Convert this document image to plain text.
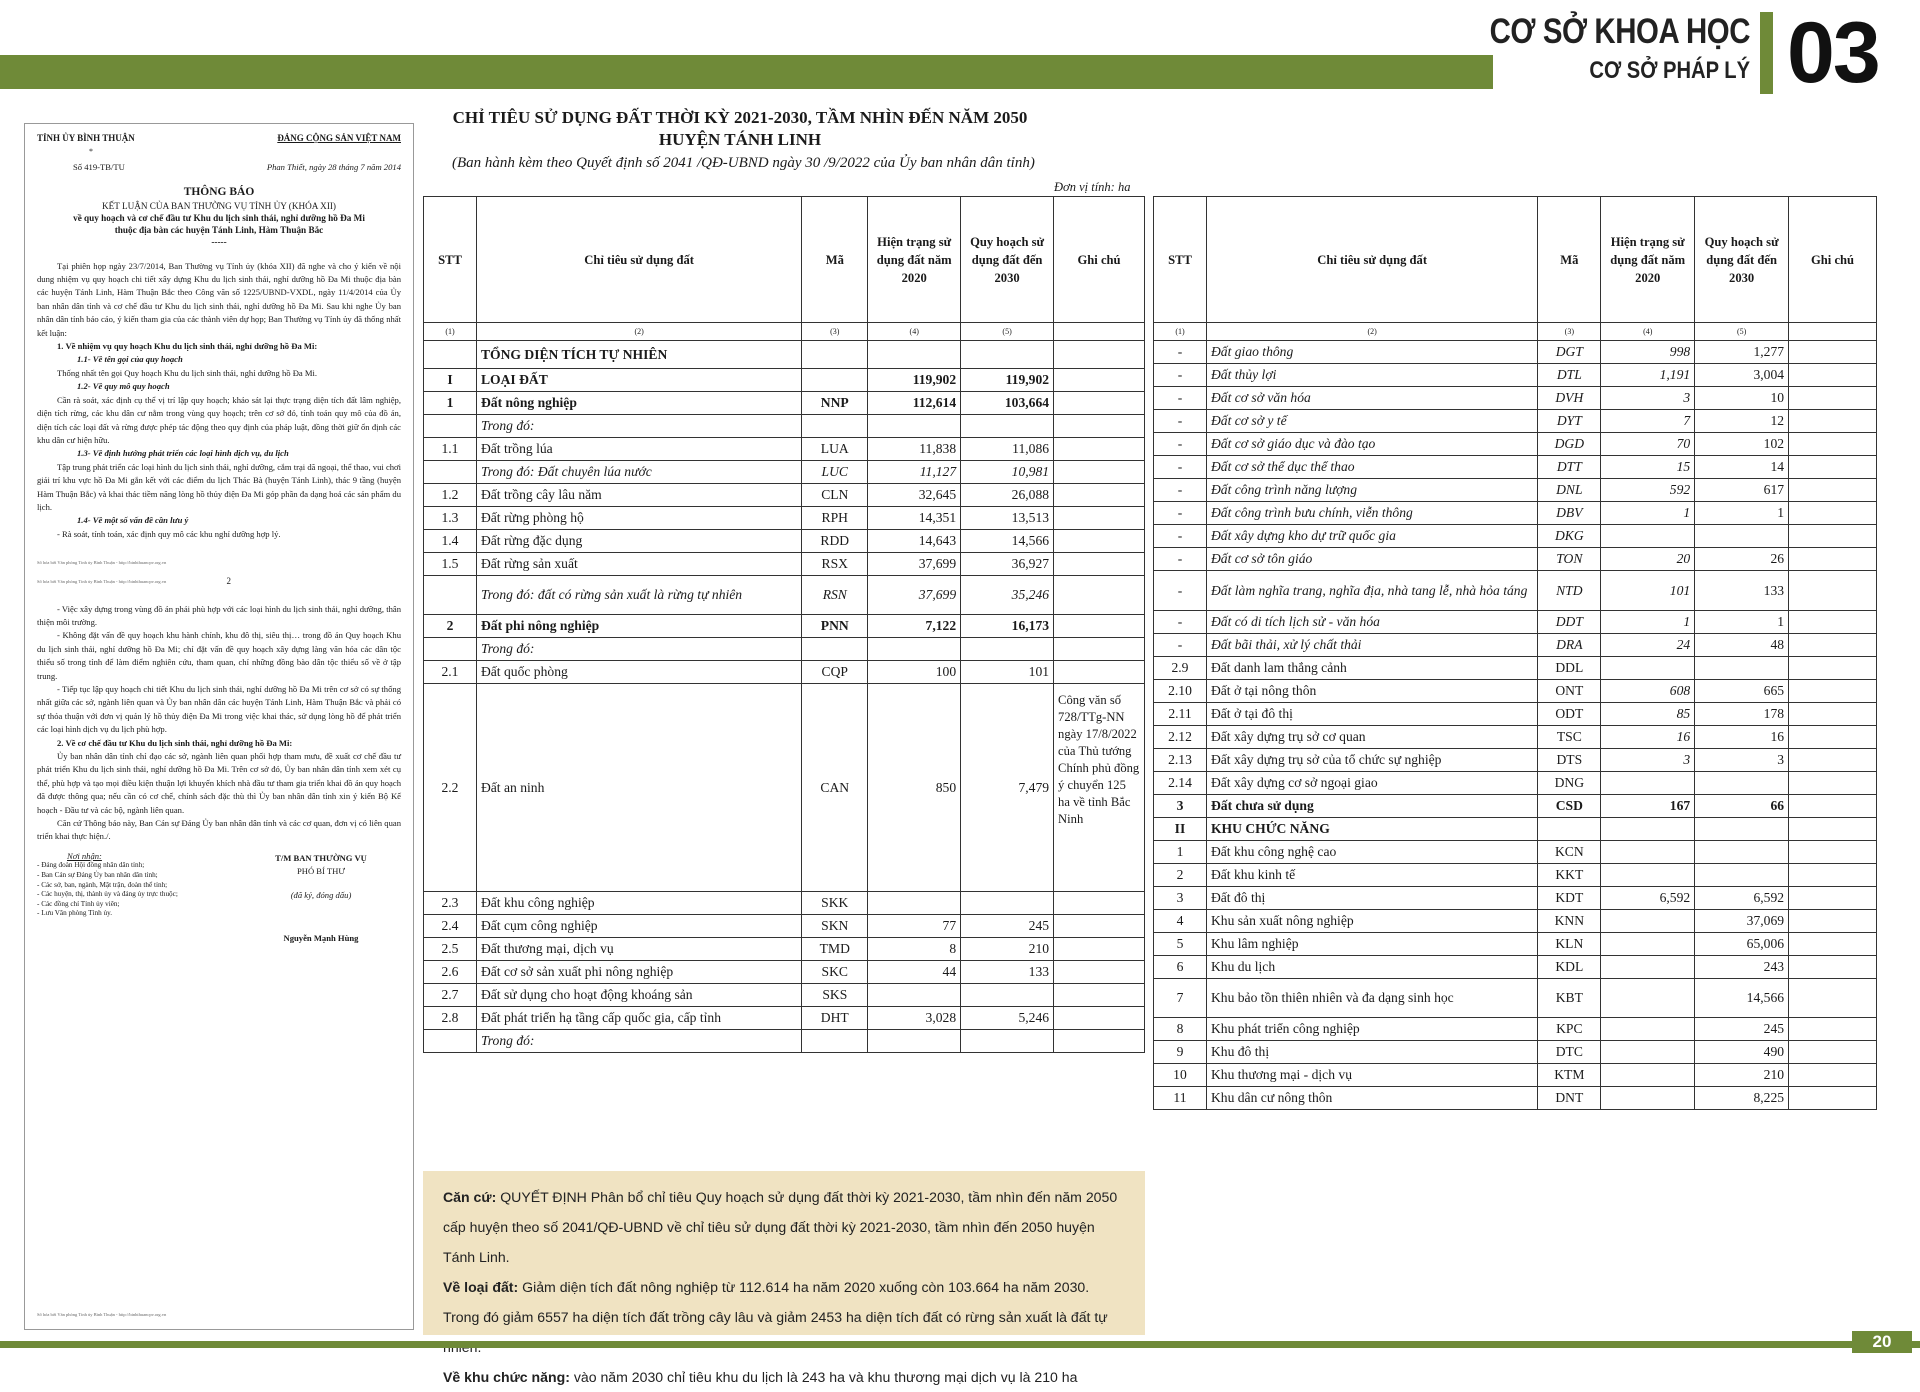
CƠ SỞ KHOA HỌC
CƠ SỞ PHÁP LÝ 03
TỈNH ỦY BÌNH THUẬN	ĐẢNG CỘNG SẢN VIỆT NAM
*
Số 419-TB/TU	Phan Thiết, ngày 28 tháng 7 năm 2014
THÔNG BÁO
KẾT LUẬN CỦA BAN THƯỜNG VỤ TỈNH ỦY (KHÓA XII)
về quy hoạch và cơ chế đầu tư Khu du lịch sinh thái, nghỉ dưỡng hồ Đa Mi
thuộc địa bàn các huyện Tánh Linh, Hàm Thuận Bắc
-----

Tại phiên họp ngày 23/7/2014, Ban Thường vụ Tỉnh ủy (khóa XII) đã nghe và cho ý kiến về nội dung nhiệm vụ quy hoạch chi tiết xây dựng Khu du lịch sinh thái, nghỉ dưỡng hồ Đa Mi thuộc địa bàn các huyện Tánh Linh, Hàm Thuận Bắc theo Công văn số 1225/UBND-VXDL, ngày 11/4/2014 của Ủy ban nhân dân tỉnh và cơ chế đầu tư Khu du lịch sinh thái, nghỉ dưỡng hồ Đa Mi. Sau khi nghe Ủy ban nhân dân tỉnh báo cáo, ý kiến tham gia của các thành viên dự họp; Ban Thường vụ Tỉnh ủy đã thống nhất kết luận:

1. Về nhiệm vụ quy hoạch Khu du lịch sinh thái, nghỉ dưỡng hồ Đa Mi:

1.1- Về tên gọi của quy hoạch

Thống nhất tên gọi Quy hoạch Khu du lịch sinh thái, nghỉ dưỡng hồ Đa Mi.

1.2- Về quy mô quy hoạch

Cần rà soát, xác định cụ thể vị trí lập quy hoạch; khảo sát lại thực trạng diện tích đất lâm nghiệp, diện tích rừng, các khu dân cư nằm trong vùng quy hoạch; trên cơ sở đó, tính toán quy mô của đồ án, diện tích các loại đất và rừng được phép tác động theo quy định của pháp luật, đồng thời giữ ổn định các khu dân cư hiện hữu.

1.3- Về định hướng phát triển các loại hình dịch vụ, du lịch

Tập trung phát triển các loại hình du lịch sinh thái, nghỉ dưỡng, cắm trại dã ngoại, thể thao, vui chơi giải trí khu vực hồ Đa Mi gắn kết với các điểm du lịch Thác Bà (huyện Tánh Linh), thác 9 tầng (huyện Hàm Thuận Bắc) và khai thác tiềm năng lòng hồ thủy điện Đa Mi góp phần đa dạng hoá các sản phẩm du lịch.

1.4- Về một số vấn đề cần lưu ý

- Rà soát, tính toán, xác định quy mô các khu nghỉ dưỡng hợp lý.

Số hóa bởi Văn phòng Tỉnh ủy Bình Thuận - http://binhthuancpv.org.vn
Số hóa bởi Văn phòng Tỉnh ủy Bình Thuận - http://binhthuancpv.org.vn	2

- Việc xây dựng trong vùng đồ án phải phù hợp với các loại hình du lịch sinh thái, nghỉ dưỡng, thân thiện môi trường.

- Không đặt vấn đề quy hoạch khu hành chính, khu đô thị, siêu thị… trong đồ án Quy hoạch Khu du lịch sinh thái, nghỉ dưỡng hồ Đa Mi; chỉ đặt vấn đề quy hoạch xây dựng làng văn hóa các dân tộc thiểu số trong tỉnh để làm điểm nghiên cứu, tham quan, chỉ những đồng bào dân tộc thiểu số về ở tập trung.

- Tiếp tục lập quy hoạch chi tiết Khu du lịch sinh thái, nghỉ dưỡng hồ Đa Mi trên cơ sở có sự thống nhất giữa các sở, ngành liên quan và Ủy ban nhân dân các huyện Tánh Linh, Hàm Thuận Bắc và phải có sự thỏa thuận với đơn vị quản lý hồ thủy điện Đa Mi trong việc khai thác, sử dụng lòng hồ để phát triển các loại hình dịch vụ du lịch phù hợp.

2. Về cơ chế đầu tư Khu du lịch sinh thái, nghỉ dưỡng hồ Đa Mi:

Ủy ban nhân dân tỉnh chỉ đạo các sở, ngành liên quan phối hợp tham mưu, đề xuất cơ chế đầu tư phát triển Khu du lịch sinh thái, nghỉ dưỡng hồ Đa Mi. Trên cơ sở đó, Ủy ban nhân dân tỉnh xem xét cụ thể, phù hợp và tạo mọi điều kiện thuận lợi khuyến khích nhà đầu tư tham gia triển khai đồ án quy hoạch đã được thông qua; nếu cần có cơ chế, chính sách đặc thù thì Ủy ban nhân dân tỉnh xin ý kiến Bộ Kế hoạch - Đầu tư và các bộ, ngành liên quan.

Căn cứ Thông báo này, Ban Cán sự Đảng Ủy ban nhân dân tỉnh và các cơ quan, đơn vị có liên quan triển khai thực hiện./.

Nơi nhận:
- Đảng đoàn Hội đồng nhân dân tỉnh;
- Ban Cán sự Đảng Ủy ban nhân dân tỉnh;
- Các sở, ban, ngành, Mặt trận, đoàn thể tỉnh;
- Các huyện, thị, thành ủy và đảng ủy trực thuộc;
- Các đồng chí Tỉnh ủy viên;
- Lưu Văn phòng Tỉnh ủy.
T/M BAN THƯỜNG VỤ
PHÓ BÍ THƯ
(đã ký, đóng dấu)
Nguyễn Mạnh Hùng
Số hóa bởi Văn phòng Tỉnh ủy Bình Thuận - http://binhthuancpv.org.vn
CHỈ TIÊU SỬ DỤNG ĐẤT THỜI KỲ 2021-2030, TẦM NHÌN ĐẾN NĂM 2050
HUYỆN TÁNH LINH
(Ban hành kèm theo Quyết định số 2041 /QĐ-UBND ngày 30 /9/2022 của Ủy ban nhân dân tỉnh)
Đơn vị tính: ha
STT	Chỉ tiêu sử dụng đất	Mã	Hiện trạng sử dụng đất năm 2020	Quy hoạch sử dụng đất đến 2030	Ghi chú
(1)	(2)	(3)	(4)	(5)	
	TỔNG DIỆN TÍCH TỰ NHIÊN				
I	LOẠI ĐẤT		119,902	119,902	
1	Đất nông nghiệp	NNP	112,614	103,664	
	Trong đó:				
1.1	Đất trồng lúa	LUA	11,838	11,086	
	Trong đó: Đất chuyên lúa nước	LUC	11,127	10,981	
1.2	Đất trồng cây lâu năm	CLN	32,645	26,088	
1.3	Đất rừng phòng hộ	RPH	14,351	13,513	
1.4	Đất rừng đặc dụng	RDD	14,643	14,566	
1.5	Đất rừng sản xuất	RSX	37,699	36,927	
	Trong đó: đất có rừng sản xuất là rừng tự nhiên	RSN	37,699	35,246	
2	Đất phi nông nghiệp	PNN	7,122	16,173	
	Trong đó:				
2.1	Đất quốc phòng	CQP	100	101	
2.2	Đất an ninh	CAN	850	7,479	Công văn số 728/TTg-NN ngày 17/8/2022 của Thủ tướng Chính phủ đồng ý chuyển 125 ha về tỉnh Bắc Ninh
2.3	Đất khu công nghiệp	SKK			
2.4	Đất cụm công nghiệp	SKN	77	245	
2.5	Đất thương mại, dịch vụ	TMD	8	210	
2.6	Đất cơ sở sản xuất phi nông nghiệp	SKC	44	133	
2.7	Đất sử dụng cho hoạt động khoáng sản	SKS			
2.8	Đất phát triển hạ tầng cấp quốc gia, cấp tỉnh	DHT	3,028	5,246	
	Trong đó:				
STT	Chỉ tiêu sử dụng đất	Mã	Hiện trạng sử dụng đất năm 2020	Quy hoạch sử dụng đất đến 2030	Ghi chú
(1)	(2)	(3)	(4)	(5)	
-	Đất giao thông	DGT	998	1,277	
-	Đất thủy lợi	DTL	1,191	3,004	
-	Đất cơ sở văn hóa	DVH	3	10	
-	Đất cơ sở y tế	DYT	7	12	
-	Đất cơ sở giáo dục và đào tạo	DGD	70	102	
-	Đất cơ sở thể dục thể thao	DTT	15	14	
-	Đất công trình năng lượng	DNL	592	617	
-	Đất công trình bưu chính, viễn thông	DBV	1	1	
-	Đất xây dựng kho dự trữ quốc gia	DKG			
-	Đất cơ sở tôn giáo	TON	20	26	
-	Đất làm nghĩa trang, nghĩa địa, nhà tang lễ, nhà hỏa táng	NTD	101	133	
-	Đất có di tích lịch sử - văn hóa	DDT	1	1	
-	Đất bãi thải, xử lý chất thải	DRA	24	48	
2.9	Đất danh lam thắng cảnh	DDL			
2.10	Đất ở tại nông thôn	ONT	608	665	
2.11	Đất ở tại đô thị	ODT	85	178	
2.12	Đất xây dựng trụ sở cơ quan	TSC	16	16	
2.13	Đất xây dựng trụ sở của tổ chức sự nghiệp	DTS	3	3	
2.14	Đất xây dựng cơ sở ngoại giao	DNG			
3	Đất chưa sử dụng	CSD	167	66	
II	KHU CHỨC NĂNG				
1	Đất khu công nghệ cao	KCN			
2	Đất khu kinh tế	KKT			
3	Đất đô thị	KDT	6,592	6,592	
4	Khu sản xuất nông nghiệp	KNN		37,069	
5	Khu lâm nghiệp	KLN		65,006	
6	Khu du lịch	KDL		243	
7	Khu bảo tồn thiên nhiên và đa dạng sinh học	KBT		14,566	
8	Khu phát triển công nghiệp	KPC		245	
9	Khu đô thị	DTC		490	
10	Khu thương mại - dịch vụ	KTM		210	
11	Khu dân cư nông thôn	DNT		8,225	
Căn cứ: QUYẾT ĐỊNH Phân bổ chỉ tiêu Quy hoạch sử dụng đất thời kỳ 2021-2030, tầm nhìn đến năm 2050 cấp huyện theo số 2041/QĐ-UBND về chỉ tiêu sử dụng đất thời kỳ 2021-2030, tầm nhìn đến 2050 huyện Tánh Linh.
Về loại đất: Giảm diện tích đất nông nghiệp từ 112.614 ha năm 2020 xuống còn 103.664 ha năm 2030. Trong đó giảm 6557 ha diện tích đất trồng cây lâu và giảm 2453 ha diện tích đất có rừng sản xuất là đất tự
Về khu chức năng: vào năm 2030 chỉ tiêu khu du lịch là 243 ha và khu thương mại dịch vụ là 210 ha
20
